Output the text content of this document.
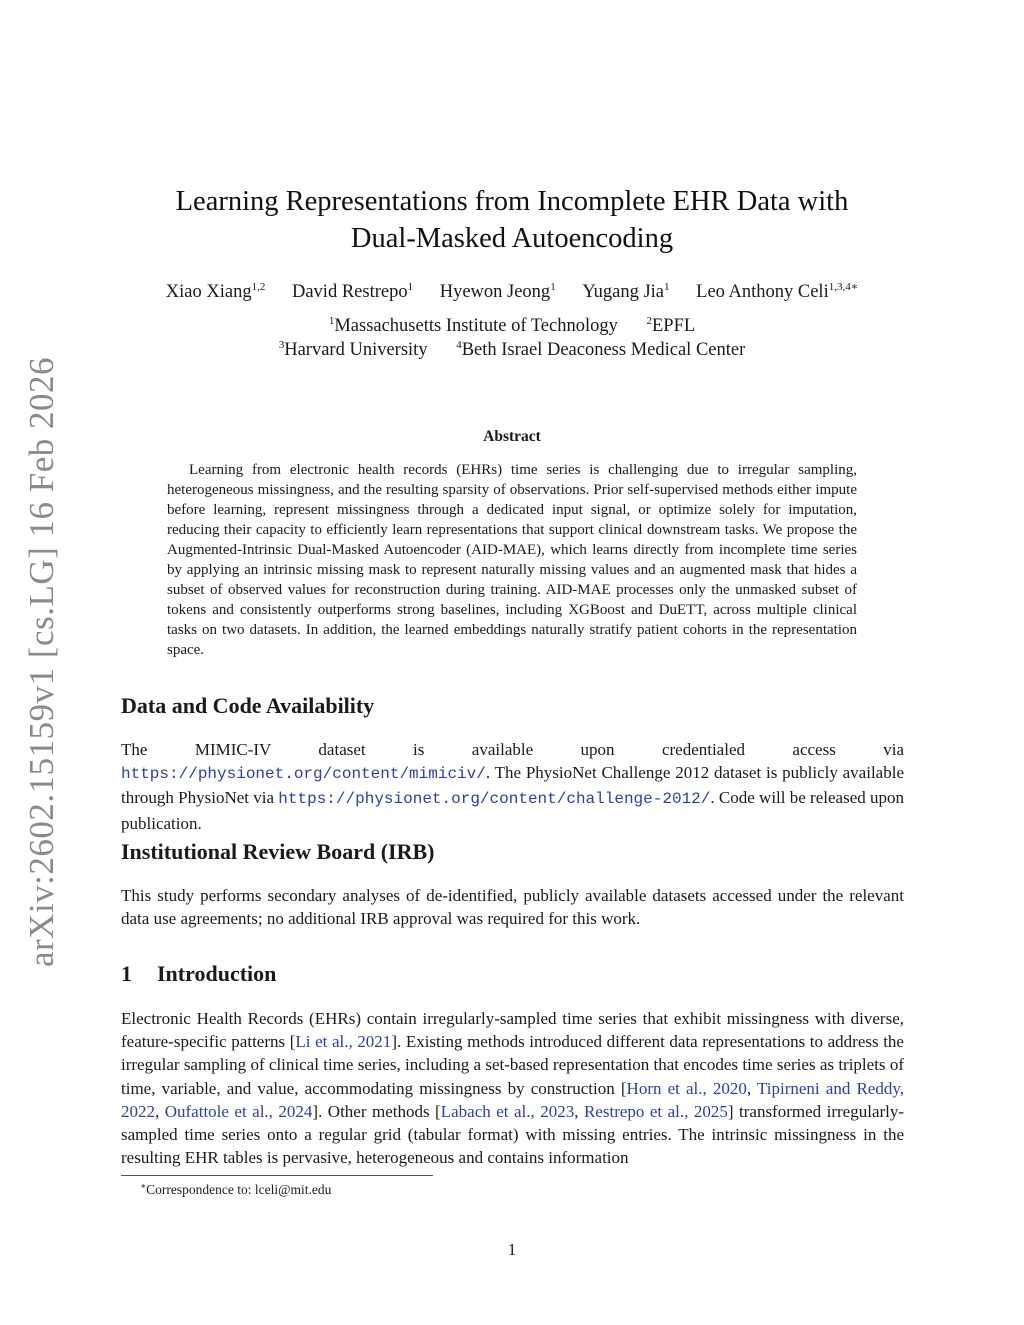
arXiv:2602.15159v1 [cs.LG] 16 Feb 2026
Learning Representations from Incomplete EHR Data with
Dual-Masked Autoencoding
Xiao Xiang$^{1,2}$ David Restrepo$^1$ Hyewon Jeong$^1$ Yugang Jia$^1$ Leo Anthony Celi$^{1,3,4∗}$
$^1$Massachusetts Institute of Technology	$^2$EPFL
$^3$Harvard University	$^4$Beth Israel Deaconess Medical Center
Abstract

Learning from electronic health records (EHRs) time series is challenging due to irregular sampling, heterogeneous missingness, and the resulting sparsity of observations. Prior self-supervised methods either impute before learning, represent missingness through a dedicated input signal, or optimize solely for imputation, reducing their capacity to efficiently learn representations that support clinical downstream tasks. We propose the Augmented-Intrinsic Dual-Masked Autoencoder (AID-MAE), which learns directly from incomplete time series by applying an intrinsic missing mask to represent naturally missing values and an augmented mask that hides a subset of observed values for reconstruction during training. AID-MAE processes only the unmasked subset of tokens and consistently outperforms strong baselines, including XGBoost and DuETT, across multiple clinical tasks on two datasets. In addition, the learned embeddings naturally stratify patient cohorts in the representation space.

Data and Code Availability

The MIMIC-IV dataset is available upon credentialed access via https://physionet.org/content/mimiciv/. The PhysioNet Challenge 2012 dataset is publicly available through PhysioNet via https://physionet.org/content/challenge-2012/. Code will be released upon publication.

Institutional Review Board (IRB)

This study performs secondary analyses of de-identified, publicly available datasets accessed under the relevant data use agreements; no additional IRB approval was required for this work.

1 Introduction

Electronic Health Records (EHRs) contain irregularly-sampled time series that exhibit missingness with diverse, feature-specific patterns [Li et al., 2021]. Existing methods introduced different data representations to address the irregular sampling of clinical time series, including a set-based representation that encodes time series as triplets of time, variable, and value, accommodating missingness by construction [Horn et al., 2020, Tipirneni and Reddy, 2022, Oufattole et al., 2024]. Other methods [Labach et al., 2023, Restrepo et al., 2025] transformed irregularly-sampled time series onto a regular grid (tabular format) with missing entries. The intrinsic missingness in the resulting EHR tables is pervasive, heterogeneous and contains information

∗Correspondence to: lceli@mit.edu
1
